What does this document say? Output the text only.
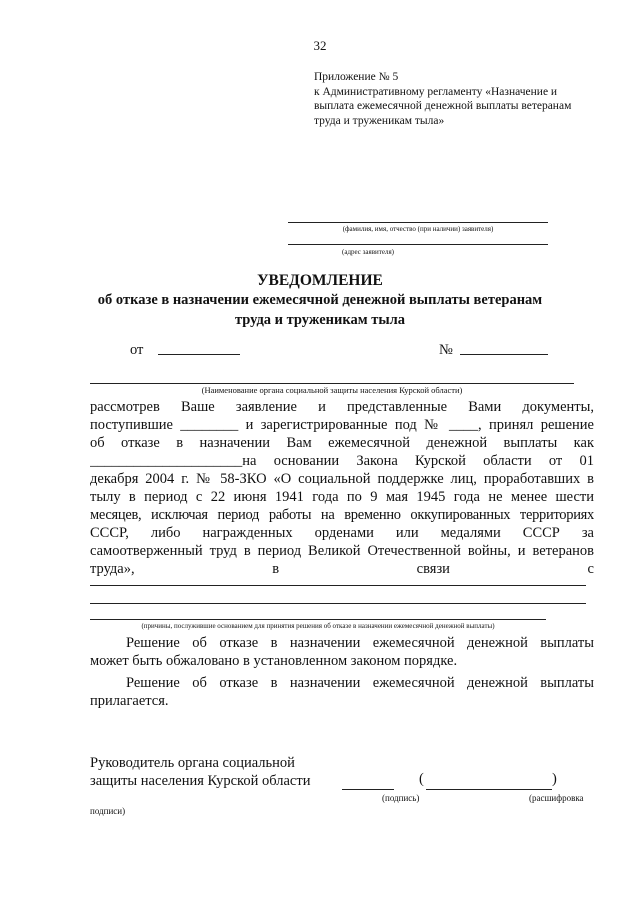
32
Приложение № 5
к Административному регламенту «Назначение и
выплата ежемесячной денежной выплаты ветеранам
труда и труженикам тыла»
(фамилия, имя, отчество (при наличии) заявителя)
(адрес заявителя)
УВЕДОМЛЕНИЕ
об отказе в назначении ежемесячной денежной выплаты ветеранам
труда и труженикам тыла
от	№
(Наименование органа социальной защиты населения Курской области)
рассмотрев Ваше заявление и представленные Вами документы,
поступившие ________ и зарегистрированные под № ____, принял решение
об отказе в назначении Вам ежемесячной денежной выплаты как
_____________________на основании Закона Курской области от 01
декабря 2004 г. № 58-ЗКО «О социальной поддержке лиц, проработавших в
тылу в период с 22 июня 1941 года по 9 мая 1945 года не менее шести
месяцев, исключая период работы на временно оккупированных территориях
СССР, либо награжденных орденами или медалями СССР за
самоотверженный труд в период Великой Отечественной войны, и ветеранов
труда», в связи с
(причины, послужившие основанием для принятия решения об отказе в назначении ежемесячной денежной выплаты)
Решение об отказе в назначении ежемесячной денежной выплаты
может быть обжаловано в установленном законом порядке.
Решение об отказе в назначении ежемесячной денежной выплаты
прилагается.
Руководитель органа социальной
защиты населения Курской области	(	)
(подпись)	(расшифровка
подписи)
